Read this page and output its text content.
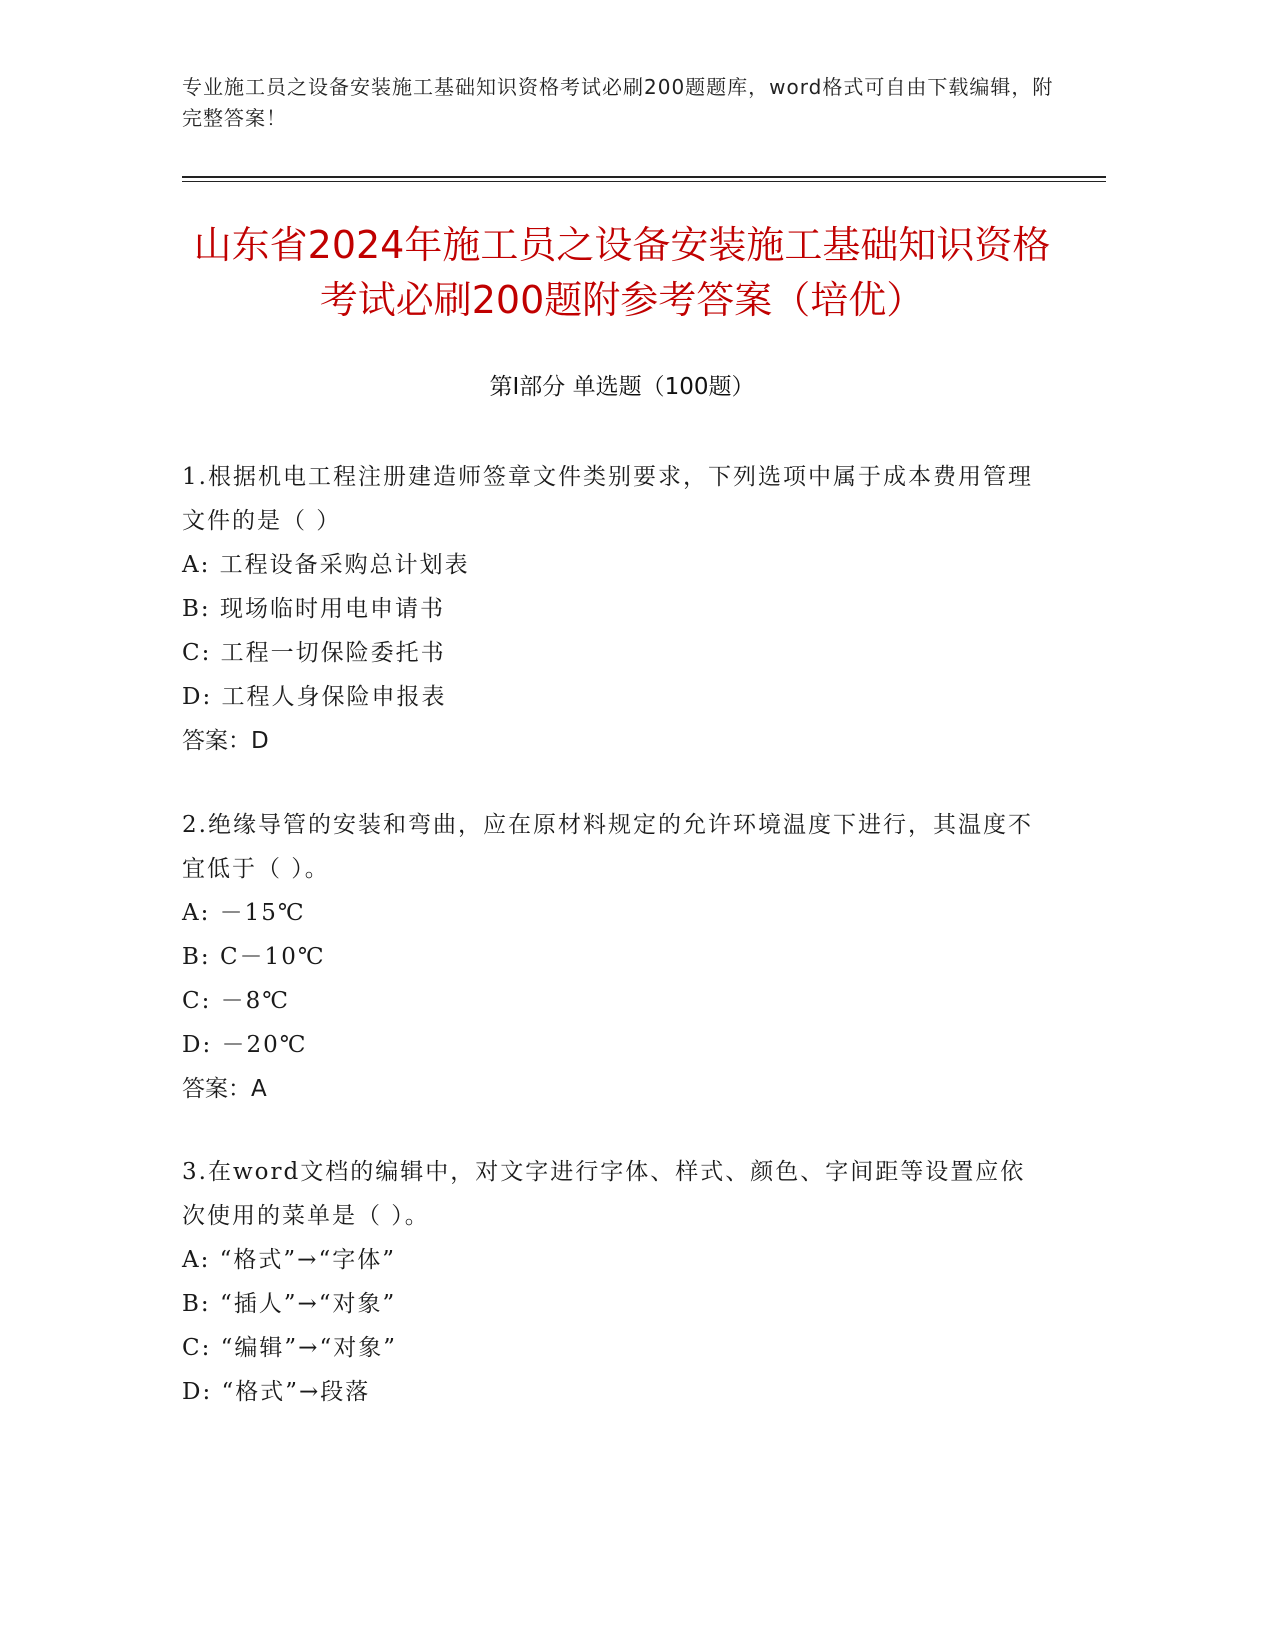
专业施工员之设备安装施工基础知识资格考试必刷200题题库，word格式可自由下载编辑，附完整答案！
山东省2024年施工员之设备安装施工基础知识资格考试必刷200题附参考答案（培优）
第Ⅰ部分 单选题（100题）
1.根据机电工程注册建造师签章文件类别要求，下列选项中属于成本费用管理文件的是（ ）
A: 工程设备采购总计划表
B: 现场临时用电申请书
C: 工程一切保险委托书
D: 工程人身保险申报表
答案：D
2.绝缘导管的安装和弯曲，应在原材料规定的允许环境温度下进行，其温度不宜低于（ ）。
A: －15℃
B: C－10℃
C: －8℃
D: －20℃
答案：A
3.在word文档的编辑中，对文字进行字体、样式、颜色、字间距等设置应依次使用的菜单是（ ）。
A: “格式”→“字体”
B: “插人”→“对象”
C: “编辑”→“对象”
D: “格式”→段落
